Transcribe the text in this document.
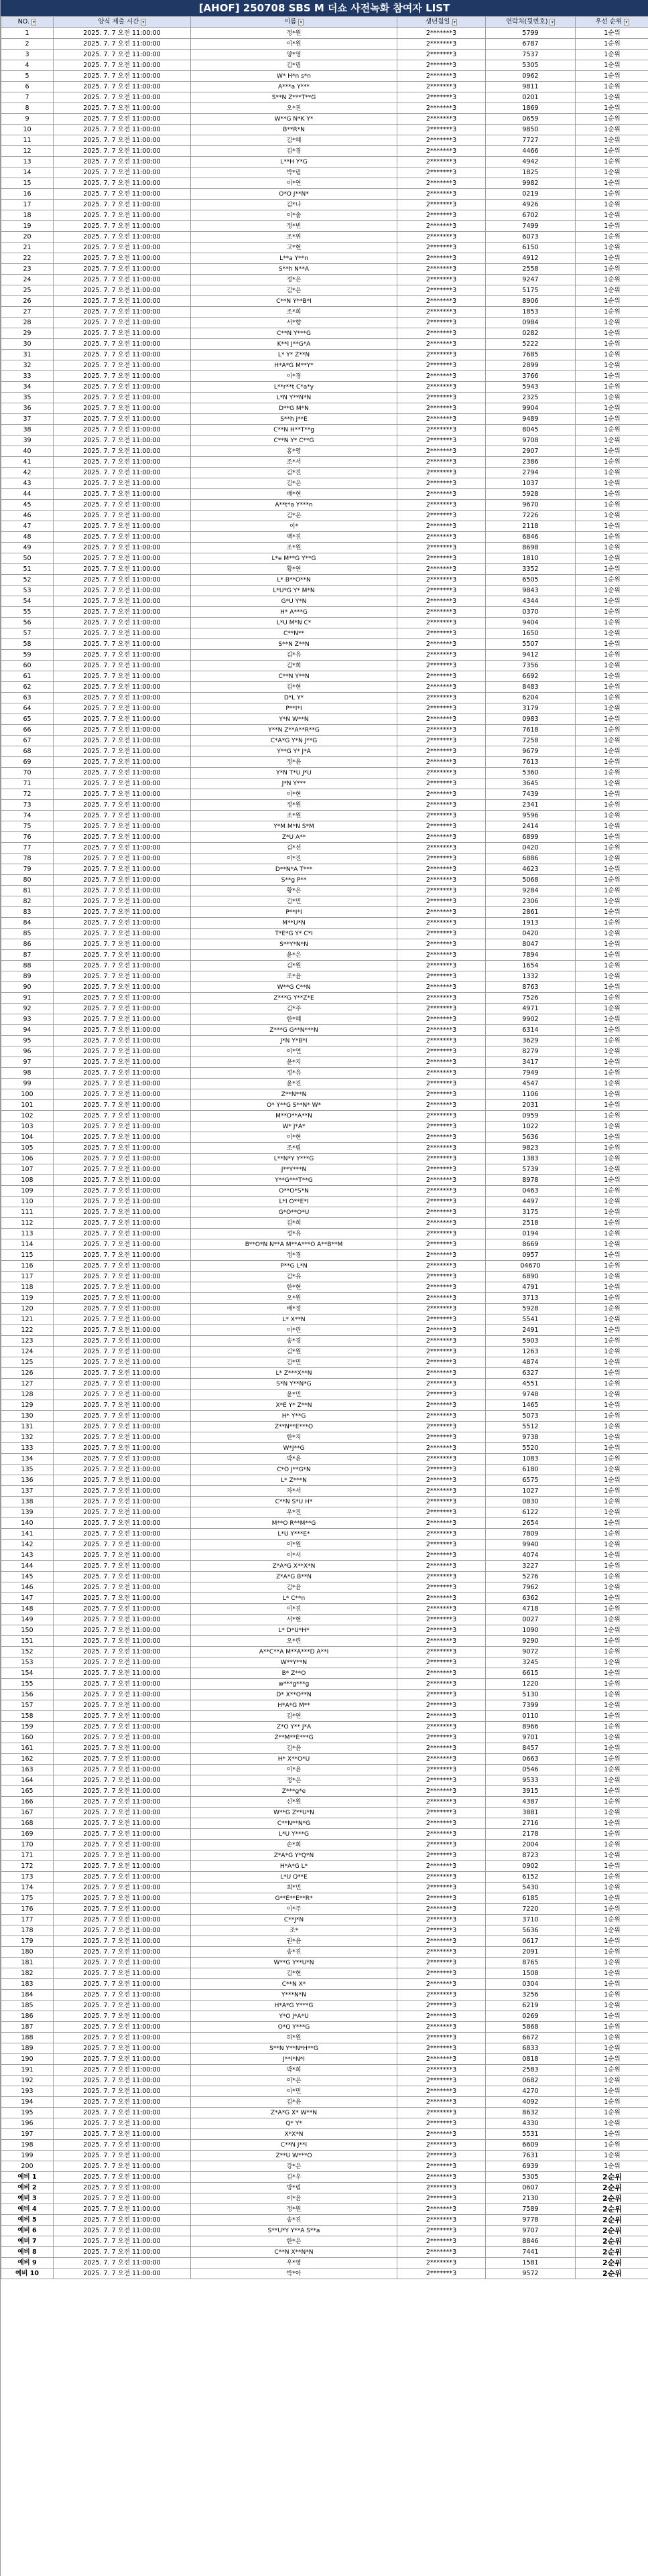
[AHOF] 250708 SBS M 더쇼 사전녹화 참여자 LIST
NO. ▾	양식 제출 시간 ▾	이름 ▾	생년월일 ▾	연락처(뒷번호) ▾	우선 순위 ▾
1	2025. 7. 7 오전 11:00:00	정*원	2*******3	5799	1순위
2	2025. 7. 7 오전 11:00:00	이*원	2*******3	6787	1순위
3	2025. 7. 7 오전 11:00:00	양*영	2*******3	7537	1순위
4	2025. 7. 7 오전 11:00:00	김*림	2*******3	5305	1순위
5	2025. 7. 7 오전 11:00:00	W* H*n s*n	2*******3	0962	1순위
6	2025. 7. 7 오전 11:00:00	A***a Y***	2*******3	9811	1순위
7	2025. 7. 7 오전 11:00:00	S**N Z***T**G	2*******3	0201	1순위
8	2025. 7. 7 오전 11:00:00	오*진	2*******3	1869	1순위
9	2025. 7. 7 오전 11:00:00	W**G N*K Y*	2*******3	0659	1순위
10	2025. 7. 7 오전 11:00:00	B**R*N	2*******3	9850	1순위
11	2025. 7. 7 오전 11:00:00	김*혜	2*******3	7727	1순위
12	2025. 7. 7 오전 11:00:00	김*경	2*******3	4466	1순위
13	2025. 7. 7 오전 11:00:00	L**H Y*G	2*******3	4942	1순위
14	2025. 7. 7 오전 11:00:00	박*림	2*******3	1825	1순위
15	2025. 7. 7 오전 11:00:00	이*연	2*******3	9982	1순위
16	2025. 7. 7 오전 11:00:00	O*O J**N*	2*******3	0219	1순위
17	2025. 7. 7 오전 11:00:00	김*나	2*******3	4926	1순위
18	2025. 7. 7 오전 11:00:00	이*솔	2*******3	6702	1순위
19	2025. 7. 7 오전 11:00:00	정*빈	2*******3	7499	1순위
20	2025. 7. 7 오전 11:00:00	조*위	2*******3	6073	1순위
21	2025. 7. 7 오전 11:00:00	고*현	2*******3	6150	1순위
22	2025. 7. 7 오전 11:00:00	L**a Y**n	2*******3	4912	1순위
23	2025. 7. 7 오전 11:00:00	S**h N**A	2*******3	2558	1순위
24	2025. 7. 7 오전 11:00:00	정*은	2*******3	9247	1순위
25	2025. 7. 7 오전 11:00:00	김*은	2*******3	5175	1순위
26	2025. 7. 7 오전 11:00:00	C**N Y**B*I	2*******3	8906	1순위
27	2025. 7. 7 오전 11:00:00	조*희	2*******3	1853	1순위
28	2025. 7. 7 오전 11:00:00	서*향	2*******3	0984	1순위
29	2025. 7. 7 오전 11:00:00	C**N Y***G	2*******3	0282	1순위
30	2025. 7. 7 오전 11:00:00	K**I J**G*A	2*******3	5222	1순위
31	2025. 7. 7 오전 11:00:00	L* Y* Z**N	2*******3	7685	1순위
32	2025. 7. 7 오전 11:00:00	H*A*G M**Y*	2*******3	2899	1순위
33	2025. 7. 7 오전 11:00:00	이*경	2*******3	3766	1순위
34	2025. 7. 7 오전 11:00:00	L**r**t C*a*y	2*******3	5943	1순위
35	2025. 7. 7 오전 11:00:00	L*N Y**N*N	2*******3	2325	1순위
36	2025. 7. 7 오전 11:00:00	D**G M*N	2*******3	9904	1순위
37	2025. 7. 7 오전 11:00:00	S**h J**E	2*******3	9489	1순위
38	2025. 7. 7 오전 11:00:00	C**N H**T**g	2*******3	8045	1순위
39	2025. 7. 7 오전 11:00:00	C**N Y* C**G	2*******3	9708	1순위
40	2025. 7. 7 오전 11:00:00	홍*영	2*******3	2907	1순위
41	2025. 7. 7 오전 11:00:00	조*서	2*******3	2386	1순위
42	2025. 7. 7 오전 11:00:00	김*진	2*******3	2794	1순위
43	2025. 7. 7 오전 11:00:00	김*은	2*******3	1037	1순위
44	2025. 7. 7 오전 11:00:00	배*현	2*******3	5928	1순위
45	2025. 7. 7 오전 11:00:00	A**t*a Y***n	2*******3	9670	1순위
46	2025. 7. 7 오전 11:00:00	김*은	2*******3	7226	1순위
47	2025. 7. 7 오전 11:00:00	이*	2*******3	2118	1순위
48	2025. 7. 7 오전 11:00:00	백*진	2*******3	6846	1순위
49	2025. 7. 7 오전 11:00:00	조*원	2*******3	8698	1순위
50	2025. 7. 7 오전 11:00:00	L*e M**G Y**G	2*******3	1810	1순위
51	2025. 7. 7 오전 11:00:00	황*연	2*******3	3352	1순위
52	2025. 7. 7 오전 11:00:00	L* B**O**N	2*******3	6505	1순위
53	2025. 7. 7 오전 11:00:00	L*U*G Y* M*N	2*******3	9843	1순위
54	2025. 7. 7 오전 11:00:00	G*U Y*N	2*******3	4344	1순위
55	2025. 7. 7 오전 11:00:00	H* A***G	2*******3	0370	1순위
56	2025. 7. 7 오전 11:00:00	L*U M*N C*	2*******3	9404	1순위
57	2025. 7. 7 오전 11:00:00	C**N**	2*******3	1650	1순위
58	2025. 7. 7 오전 11:00:00	S**N Z**N	2*******3	5507	1순위
59	2025. 7. 7 오전 11:00:00	김*유	2*******3	9412	1순위
60	2025. 7. 7 오전 11:00:00	김*희	2*******3	7356	1순위
61	2025. 7. 7 오전 11:00:00	C**N Y**N	2*******3	6692	1순위
62	2025. 7. 7 오전 11:00:00	김*현	2*******3	8483	1순위
63	2025. 7. 7 오전 11:00:00	D*L Y*	2*******3	6204	1순위
64	2025. 7. 7 오전 11:00:00	P**I*I	2*******3	3179	1순위
65	2025. 7. 7 오전 11:00:00	Y*N W**N	2*******3	0983	1순위
66	2025. 7. 7 오전 11:00:00	Y**N Z**A**R**G	2*******3	7618	1순위
67	2025. 7. 7 오전 11:00:00	C*A*G Y*N J**G	2*******3	7258	1순위
68	2025. 7. 7 오전 11:00:00	Y**G Y* J*A	2*******3	9679	1순위
69	2025. 7. 7 오전 11:00:00	정*윤	2*******3	7613	1순위
70	2025. 7. 7 오전 11:00:00	Y*N T*U J*U	2*******3	5360	1순위
71	2025. 7. 7 오전 11:00:00	J*N Y***	2*******3	3645	1순위
72	2025. 7. 7 오전 11:00:00	이*현	2*******3	7439	1순위
73	2025. 7. 7 오전 11:00:00	정*원	2*******3	2341	1순위
74	2025. 7. 7 오전 11:00:00	조*원	2*******3	9596	1순위
75	2025. 7. 7 오전 11:00:00	Y*M M*N S*M	2*******3	2414	1순위
76	2025. 7. 7 오전 11:00:00	Z*U A**	2*******3	6899	1순위
77	2025. 7. 7 오전 11:00:00	김*선	2*******3	0420	1순위
78	2025. 7. 7 오전 11:00:00	이*진	2*******3	6886	1순위
79	2025. 7. 7 오전 11:00:00	D**N*A T***	2*******3	4623	1순위
80	2025. 7. 7 오전 11:00:00	S**g P**	2*******3	5068	1순위
81	2025. 7. 7 오전 11:00:00	황*은	2*******3	9284	1순위
82	2025. 7. 7 오전 11:00:00	김*민	2*******3	2306	1순위
83	2025. 7. 7 오전 11:00:00	P**I*I	2*******3	2861	1순위
84	2025. 7. 7 오전 11:00:00	M**U*N	2*******3	1913	1순위
85	2025. 7. 7 오전 11:00:00	T*E*G Y* C*I	2*******3	0420	1순위
86	2025. 7. 7 오전 11:00:00	S**Y*N*N	2*******3	8047	1순위
87	2025. 7. 7 오전 11:00:00	윤*은	2*******3	7894	1순위
88	2025. 7. 7 오전 11:00:00	김*원	2*******3	1654	1순위
89	2025. 7. 7 오전 11:00:00	조*윤	2*******3	1332	1순위
90	2025. 7. 7 오전 11:00:00	W**G C**N	2*******3	8763	1순위
91	2025. 7. 7 오전 11:00:00	Z***G Y**Z*E	2*******3	7526	1순위
92	2025. 7. 7 오전 11:00:00	김*주	2*******3	4971	1순위
93	2025. 7. 7 오전 11:00:00	한*혜	2*******3	9902	1순위
94	2025. 7. 7 오전 11:00:00	Z***G G**N***N	2*******3	6314	1순위
95	2025. 7. 7 오전 11:00:00	J*N Y*B*I	2*******3	3629	1순위
96	2025. 7. 7 오전 11:00:00	이*연	2*******3	8279	1순위
97	2025. 7. 7 오전 11:00:00	윤*지	2*******3	3417	1순위
98	2025. 7. 7 오전 11:00:00	정*유	2*******3	7949	1순위
99	2025. 7. 7 오전 11:00:00	윤*진	2*******3	4547	1순위
100	2025. 7. 7 오전 11:00:00	Z**N**N	2*******3	1106	1순위
101	2025. 7. 7 오전 11:00:00	O* Y**G S**N* W*	2*******3	2031	1순위
102	2025. 7. 7 오전 11:00:00	M**O**A**N	2*******3	0959	1순위
103	2025. 7. 7 오전 11:00:00	W* J*A*	2*******3	1022	1순위
104	2025. 7. 7 오전 11:00:00	이*현	2*******3	5636	1순위
105	2025. 7. 7 오전 11:00:00	조*림	2*******3	9823	1순위
106	2025. 7. 7 오전 11:00:00	L**N*Y Y***G	2*******3	1383	1순위
107	2025. 7. 7 오전 11:00:00	J**Y***N	2*******3	5739	1순위
108	2025. 7. 7 오전 11:00:00	Y**G***T**G	2*******3	8978	1순위
109	2025. 7. 7 오전 11:00:00	O**O*S*N	2*******3	0463	1순위
110	2025. 7. 7 오전 11:00:00	L*I O**E*I	2*******3	4497	1순위
111	2025. 7. 7 오전 11:00:00	G*O**O*U	2*******3	3175	1순위
112	2025. 7. 7 오전 11:00:00	김*희	2*******3	2518	1순위
113	2025. 7. 7 오전 11:00:00	정*유	2*******3	0194	1순위
114	2025. 7. 7 오전 11:00:00	B**O*N N**A M**A***O A**B**M	2*******3	8669	1순위
115	2025. 7. 7 오전 11:00:00	정*경	2*******3	0957	1순위
116	2025. 7. 7 오전 11:00:00	P**G L*N	2*******3	04670	1순위
117	2025. 7. 7 오전 11:00:00	김*유	2*******3	6890	1순위
118	2025. 7. 7 오전 11:00:00	한*현	2*******3	4791	1순위
119	2025. 7. 7 오전 11:00:00	오*원	2*******3	3713	1순위
120	2025. 7. 7 오전 11:00:00	배*정	2*******3	5928	1순위
121	2025. 7. 7 오전 11:00:00	L* X**N	2*******3	5541	1순위
122	2025. 7. 7 오전 11:00:00	이*린	2*******3	2491	1순위
123	2025. 7. 7 오전 11:00:00	송*경	2*******3	5903	1순위
124	2025. 7. 7 오전 11:00:00	김*원	2*******3	1263	1순위
125	2025. 7. 7 오전 11:00:00	김*민	2*******3	4874	1순위
126	2025. 7. 7 오전 11:00:00	L* Z***X**N	2*******3	6327	1순위
127	2025. 7. 7 오전 11:00:00	S*N Y**N*G	2*******3	4551	1순위
128	2025. 7. 7 오전 11:00:00	윤*민	2*******3	9748	1순위
129	2025. 7. 7 오전 11:00:00	X*E Y* Z**N	2*******3	1465	1순위
130	2025. 7. 7 오전 11:00:00	H* Y**G	2*******3	5073	1순위
131	2025. 7. 7 오전 11:00:00	Z**N**E***O	2*******3	5512	1순위
132	2025. 7. 7 오전 11:00:00	한*지	2*******3	9738	1순위
133	2025. 7. 7 오전 11:00:00	W*J**G	2*******3	5520	1순위
134	2025. 7. 7 오전 11:00:00	박*윤	2*******3	1083	1순위
135	2025. 7. 7 오전 11:00:00	C*O J**G*N	2*******3	6180	1순위
136	2025. 7. 7 오전 11:00:00	L* Z***N	2*******3	6575	1순위
137	2025. 7. 7 오전 11:00:00	차*서	2*******3	1027	1순위
138	2025. 7. 7 오전 11:00:00	C**N S*U H*	2*******3	0830	1순위
139	2025. 7. 7 오전 11:00:00	우*진	2*******3	6122	1순위
140	2025. 7. 7 오전 11:00:00	M**O R**M**G	2*******3	2654	1순위
141	2025. 7. 7 오전 11:00:00	L*U Y***E*	2*******3	7809	1순위
142	2025. 7. 7 오전 11:00:00	이*원	2*******3	9940	1순위
143	2025. 7. 7 오전 11:00:00	이*서	2*******3	4074	1순위
144	2025. 7. 7 오전 11:00:00	Z*A*G X**X*N	2*******3	3227	1순위
145	2025. 7. 7 오전 11:00:00	Z*A*G B**N	2*******3	5276	1순위
146	2025. 7. 7 오전 11:00:00	김*윤	2*******3	7962	1순위
147	2025. 7. 7 오전 11:00:00	L* C**n	2*******3	6362	1순위
148	2025. 7. 7 오전 11:00:00	이*진	2*******3	4718	1순위
149	2025. 7. 7 오전 11:00:00	서*현	2*******3	0027	1순위
150	2025. 7. 7 오전 11:00:00	L* D*U*H*	2*******3	1090	1순위
151	2025. 7. 7 오전 11:00:00	오*린	2*******3	9290	1순위
152	2025. 7. 7 오전 11:00:00	A**C**A M**A***D A**I	2*******3	9072	1순위
153	2025. 7. 7 오전 11:00:00	W**Y**N	2*******3	3245	1순위
154	2025. 7. 7 오전 11:00:00	B* Z**O	2*******3	6615	1순위
155	2025. 7. 7 오전 11:00:00	w***g***g	2*******3	1220	1순위
156	2025. 7. 7 오전 11:00:00	D* X**O**N	2*******3	5130	1순위
157	2025. 7. 7 오전 11:00:00	H*A*G M**	2*******3	7399	1순위
158	2025. 7. 7 오전 11:00:00	김*연	2*******3	0110	1순위
159	2025. 7. 7 오전 11:00:00	Z*O Y** J*A	2*******3	8966	1순위
160	2025. 7. 7 오전 11:00:00	Z**M**E***G	2*******3	9701	1순위
161	2025. 7. 7 오전 11:00:00	김*윤	2*******3	8457	1순위
162	2025. 7. 7 오전 11:00:00	H* X**O*U	2*******3	0663	1순위
163	2025. 7. 7 오전 11:00:00	이*윤	2*******3	0546	1순위
164	2025. 7. 7 오전 11:00:00	정*은	2*******3	9533	1순위
165	2025. 7. 7 오전 11:00:00	Z***g*e	2*******3	3915	1순위
166	2025. 7. 7 오전 11:00:00	신*원	2*******3	4387	1순위
167	2025. 7. 7 오전 11:00:00	W**G Z**U*N	2*******3	3881	1순위
168	2025. 7. 7 오전 11:00:00	C**N**N*G	2*******3	2716	1순위
169	2025. 7. 7 오전 11:00:00	L*U Y***G	2*******3	2178	1순위
170	2025. 7. 7 오전 11:00:00	손*희	2*******3	2004	1순위
171	2025. 7. 7 오전 11:00:00	Z*A*G Y*Q*N	2*******3	8723	1순위
172	2025. 7. 7 오전 11:00:00	H*A*G L*	2*******3	0902	1순위
173	2025. 7. 7 오전 11:00:00	L*U Q**E	2*******3	6152	1순위
174	2025. 7. 7 오전 11:00:00	최*민	2*******3	5430	1순위
175	2025. 7. 7 오전 11:00:00	G**E**E**R*	2*******3	6185	1순위
176	2025. 7. 7 오전 11:00:00	이*주	2*******3	7220	1순위
177	2025. 7. 7 오전 11:00:00	C**J*N	2*******3	3710	1순위
178	2025. 7. 7 오전 11:00:00	조*	2*******3	5636	1순위
179	2025. 7. 7 오전 11:00:00	권*윤	2*******3	0617	1순위
180	2025. 7. 7 오전 11:00:00	송*진	2*******3	2091	1순위
181	2025. 7. 7 오전 11:00:00	W**G Y**U*N	2*******3	8765	1순위
182	2025. 7. 7 오전 11:00:00	김*현	2*******3	1508	1순위
183	2025. 7. 7 오전 11:00:00	C**N X*	2*******3	0304	1순위
184	2025. 7. 7 오전 11:00:00	Y***N*N	2*******3	3256	1순위
185	2025. 7. 7 오전 11:00:00	H*A*G Y***G	2*******3	6219	1순위
186	2025. 7. 7 오전 11:00:00	Y*O J*A*U	2*******3	0269	1순위
187	2025. 7. 7 오전 11:00:00	O*Q Y***G	2*******3	5868	1순위
188	2025. 7. 7 오전 11:00:00	허*원	2*******3	6672	1순위
189	2025. 7. 7 오전 11:00:00	S**N Y**N*H**G	2*******3	6833	1순위
190	2025. 7. 7 오전 11:00:00	J**I*N*I	2*******3	0818	1순위
191	2025. 7. 7 오전 11:00:00	박*희	2*******3	2583	1순위
192	2025. 7. 7 오전 11:00:00	이*은	2*******3	0682	1순위
193	2025. 7. 7 오전 11:00:00	이*민	2*******3	4270	1순위
194	2025. 7. 7 오전 11:00:00	김*윤	2*******3	4092	1순위
195	2025. 7. 7 오전 11:00:00	Z*A*G X* W**N	2*******3	8632	1순위
196	2025. 7. 7 오전 11:00:00	Q* Y*	2*******3	4330	1순위
197	2025. 7. 7 오전 11:00:00	X*X*N	2*******3	5531	1순위
198	2025. 7. 7 오전 11:00:00	C**N J**I	2*******3	6609	1순위
199	2025. 7. 7 오전 11:00:00	Z**U W***O	2*******3	7631	1순위
200	2025. 7. 7 오전 11:00:00	강*은	2*******3	6939	1순위
예비 1	2025. 7. 7 오전 11:00:00	김*우	2*******3	5305	2순위
예비 2	2025. 7. 7 오전 11:00:00	방*림	2*******3	0607	2순위
예비 3	2025. 7. 7 오전 11:00:00	이*윤	2*******3	2130	2순위
예비 4	2025. 7. 7 오전 11:00:00	정*원	2*******3	7589	2순위
예비 5	2025. 7. 7 오전 11:00:00	송*진	2*******3	9778	2순위
예비 6	2025. 7. 7 오전 11:00:00	S**U*Y Y**A S**a	2*******3	9707	2순위
예비 7	2025. 7. 7 오전 11:00:00	한*은	2*******3	8846	2순위
예비 8	2025. 7. 7 오전 11:00:00	C**N X**N*N	2*******3	7441	2순위
예비 9	2025. 7. 7 오전 11:00:00	우*영	2*******3	1581	2순위
예비 10	2025. 7. 7 오전 11:00:00	박*아	2*******3	9572	2순위
